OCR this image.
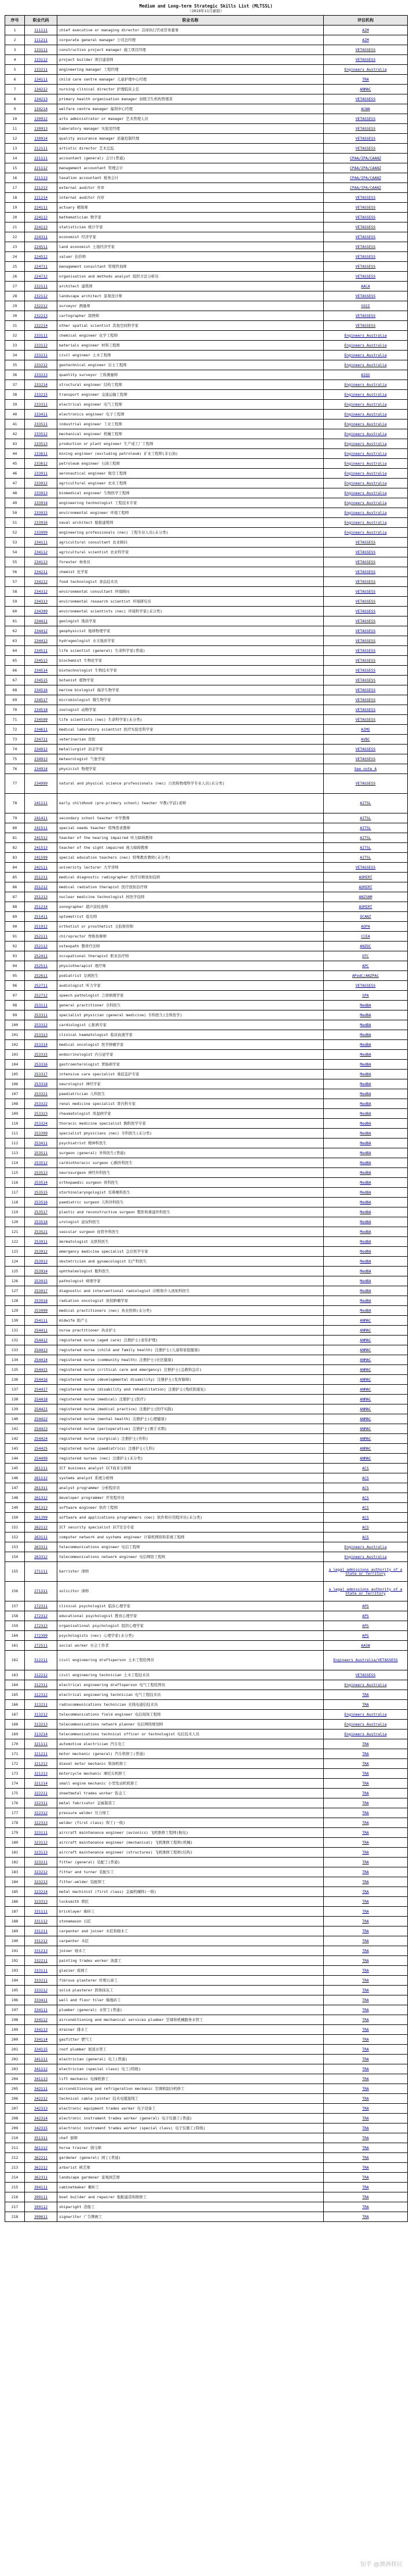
Medium and Long-term Strategic Skills List (MLTSSL)
（2019年11月新版）
序号	职业代码	职业名称	评估机构
1	111111	chief executive or managing director 首席执行官或常务董事	AIM
2	111211	corporate general manager 公司总经理	AIM
3	133111	construction project manager 施工项目经理	VETASSESS
4	133112	project builder 项目建造师	VETASSESS
5	133211	engineering manager 工程经理	Engineers Australia
6	134111	child care centre manager 儿童护理中心经理	TRA
7	134212	nursing clinical director 护理临床主任	ANMAC
8	134213	primary health organisation manager 初级卫生机构管理者	VETASSESS
9	134214	welfare centre manager 福利中心经理	ACWA
10	139912	arts administrator or manager 艺术管理人员	VETASSESS
11	139913	laboratory manager 实验室经理	VETASSESS
12	139914	quality assurance manager 质量控制经理	VETASSESS
13	212111	artistic director 艺术总监	VETASSESS
14	221111	accountant (general) 会计(普通)	CPAA/IPA/CAANZ
15	221112	management accountant 管理会计	CPAA/IPA/CAANZ
16	221113	taxation accountant 税务会计	CPAA/IPA/CAANZ
17	221213	external auditor 外审	CPAA/IPA/CAANZ
18	221214	internal auditor 内审	VETASSESS
19	224111	actuary 精算师	VETASSESS
20	224112	mathematician 数学家	VETASSESS
21	224113	statistician 统计学家	VETASSESS
22	224311	economist 经济学家	VETASSESS
23	224511	land economist 土地经济学家	VETASSESS
24	224512	valuer 估价师	VETASSESS
25	224711	management consultant 管理咨询师	VETASSESS
26	224712	organisation and methods analyst 组织方法分析员	VETASSESS
27	232111	architect 建筑师	AACA
28	232112	landscape architect 景观设计师	VETASSESS
29	232212	surveyor 测量师	SSSI
30	232213	cartographer 制图师	VETASSESS
31	232214	other spatial scientist 其他空间科学家	VETASSESS
32	233111	chemical engineer 化学工程师	Engineers Australia
33	233112	materials engineer 材料工程师	Engineers Australia
34	233211	civil engineer 土木工程师	Engineers Australia
35	233212	geotechnical engineer 岩土工程师	Engineers Australia
36	233213	quantity surveyor 工料测量师	AIQS
37	233214	structural engineer 结构工程师	Engineers Australia
38	233215	transport engineer 交通运输工程师	Engineers Australia
39	233311	electrical engineer 电气工程师	Engineers Australia
40	233411	electronics engineer 电子工程师	Engineers Australia
41	233511	industrial engineer 工业工程师	Engineers Australia
42	233512	mechanical engineer 机械工程师	Engineers Australia
43	233513	production or plant engineer 生产或工厂工程师	Engineers Australia
44	233611	mining engineer (excluding petroleum) 矿业工程师(非石油)	Engineers Australia
45	233612	petroleum engineer 石油工程师	Engineers Australia
46	233911	aeronautical engineer 航空工程师	Engineers Australia
47	233912	agricultural engineer 农业工程师	Engineers Australia
48	233913	biomedical engineer 生物医学工程师	Engineers Australia
49	233914	engineering technologist 工程技术专家	Engineers Australia
50	233915	environmental engineer 环境工程师	Engineers Australia
51	233916	naval architect 船舶建筑师	Engineers Australia
52	233999	engineering professionals (nec) 工程专业人员(未分类)	Engineers Australia
53	234111	agricultural consultant 农业顾问	VETASSESS
54	234112	agricultural scientist 农业科学家	VETASSESS
55	234113	forester 林务员	VETASSESS
56	234211	chemist 化学家	VETASSESS
57	234212	food technologist 食品技术员	VETASSESS
58	234312	environmental consultant 环境顾问	VETASSESS
59	234313	environmental research scientist 环境研究员	VETASSESS
60	234399	environmental scientists (nec) 环境科学家(未分类)	VETASSESS
61	234411	geologist 地质学家	VETASSESS
62	234412	geophysicist 地球物理学家	VETASSESS
63	234413	hydrogeologist 水文地质学家	VETASSESS
64	234511	life scientist (general) 生命科学家(普通)	VETASSESS
65	234513	biochemist 生物化学家	VETASSESS
66	234514	biotechnologist 生物技术学家	VETASSESS
67	234515	botanist 植物学家	VETASSESS
68	234516	marine biologist 海洋生物学家	VETASSESS
69	234517	microbiologist 微生物学家	VETASSESS
70	234518	zoologist 动物学家	VETASSESS
71	234599	life scientists (nec) 生命科学家(未分类)	VETASSESS
72	234611	medical laboratory scientist 医疗实验室科学家	AIMS
73	234711	veterinarian 兽医	AVBC
74	234912	metallurgist 冶金学家	VETASSESS
75	234913	meteorologist 气象学家	VETASSESS
76	234914	physicist 物理学家	See note A
77	234999	natural and physical science professionals (nec) 自然和物理科学专业人员(未分类)	VETASSESS
78	241111	early childhood (pre-primary school) teacher 早教(学前)老师	AITSL
79	241411	secondary school teacher 中学教师	AITSL
80	241511	special needs teacher 特殊需求教师	AITSL
81	241512	teacher of the hearing impaired 听力障碍教师	AITSL
82	241513	teacher of the sight impaired 视力障碍教师	AITSL
83	241599	special education teachers (nec) 特殊教育教师(未分类)	AITSL
84	242111	university lecturer 大学讲师	VETASSESS
85	251211	medical diagnostic radiographer 医疗诊断放射技师	ASMIRT
86	251212	medical radiation therapist 医疗放射治疗师	ASMIRT
87	251213	nuclear medicine technologist 核医学技师	ANZSNM
88	251214	sonographer 超声波检查师	ASMIRT
89	251411	optometrist 验光师	OCANZ
90	251912	orthotist or prosthetist 义肢矫形师	AOPA
91	252111	chiropractor 脊椎按摩师	CCEA
92	252112	osteopath 整骨疗法师	ANZOC
93	252411	occupational therapist 职业治疗师	OTC
94	252511	physiotherapist 理疗师	APC
95	252611	podiatrist 足病医生	APodC/ANZPAC
96	252711	audiologist 听力学家	VETASSESS
97	252712	speech pathologist 言语病理学家	SPA
98	253111	general practitioner 全科医生	MedBA
99	253311	specialist physician (general medicine) 专科医生(全科医学)	MedBA
100	253312	cardiologist 心脏病专家	MedBA
101	253313	clinical haematologist 临床血液学家	MedBA
102	253314	medical oncologist 医学肿瘤学家	MedBA
103	253315	endocrinologist 内分泌学家	MedBA
104	253316	gastroenterologist 胃肠病学家	MedBA
105	253317	intensive care specialist 重症监护专家	MedBA
106	253318	neurologist 神经学家	MedBA
107	253321	paediatrician 儿科医生	MedBA
108	253322	renal medicine specialist 肾内科专家	MedBA
109	253323	rheumatologist 风湿病学家	MedBA
110	253324	thoracic medicine specialist 胸科医学专家	MedBA
111	253399	specialist physicians (nec) 专科医生(未分类)	MedBA
112	253411	psychiatrist 精神科医生	MedBA
113	253511	surgeon (general) 外科医生(普通)	MedBA
114	253512	cardiothoracic surgeon 心胸外科医生	MedBA
115	253513	neurosurgeon 神经外科医生	MedBA
116	253514	orthopaedic surgeon 骨科医生	MedBA
117	253515	otorhinolaryngologist 耳鼻喉科医生	MedBA
118	253516	paediatric surgeon 儿科外科医生	MedBA
119	253517	plastic and reconstructive surgeon 整形和重建外科医生	MedBA
120	253518	urologist 泌尿科医生	MedBA
121	253521	vascular surgeon 血管外科医生	MedBA
122	253911	dermatologist 皮肤科医生	MedBA
123	253912	emergency medicine specialist 急诊医学专家	MedBA
124	253913	obstetrician and gynaecologist 妇产科医生	MedBA
125	253914	ophthalmologist 眼科医生	MedBA
126	253915	pathologist 病理学家	MedBA
127	253917	diagnostic and interventional radiologist 诊断和介入放射科医生	MedBA
128	253918	radiation oncologist 放射肿瘤学家	MedBA
129	253999	medical practitioners (nec) 执业医师(未分类)	MedBA
130	254111	midwife 助产士	ANMAC
131	254411	nurse practitioner 执业护士	ANMAC
132	254412	registered nurse (aged care) 注册护士(老年护理)	ANMAC
133	254413	registered nurse (child and family health) 注册护士(儿童和家庭健康)	ANMAC
134	254414	registered nurse (community health) 注册护士(社区健康)	ANMAC
135	254415	registered nurse (critical care and emergency) 注册护士(急救和急诊)	ANMAC
136	254416	registered nurse (developmental disability) 注册护士(发育障碍)	ANMAC
137	254417	registered nurse (disability and rehabilitation) 注册护士(残疾和康复)	ANMAC
138	254418	registered nurse (medical) 注册护士(医疗)	ANMAC
139	254421	registered nurse (medical practice) 注册护士(医疗实践)	ANMAC
140	254422	registered nurse (mental health) 注册护士(心理健康)	ANMAC
141	254423	registered nurse (perioperative) 注册护士(围手术期)	ANMAC
142	254424	registered nurse (surgical) 注册护士(外科)	ANMAC
143	254425	registered nurse (paediatrics) 注册护士(儿科)	ANMAC
144	254499	registered nurses (nec) 注册护士(未分类)	ANMAC
145	261111	ICT business analyst ICT商业分析师	ACS
146	261112	systems analyst 系统分析师	ACS
147	261311	analyst programmer 分析程序员	ACS
148	261312	developer programmer 开发程序员	ACS
149	261313	software engineer 软件工程师	ACS
150	261399	software and applications programmers (nec) 软件和应用程序员(未分类)	ACS
151	262112	ICT security specialist ICT安全专家	ACS
152	263111	computer network and systems engineer 计算机网络和系统工程师	ACS
153	263311	telecommunications engineer 电信工程师	Engineers Australia
154	263312	telecommunications network engineer 电信网络工程师	Engineers Australia
155	271111	barrister 律师	a legal admissions authority of a State or Territory
156	271311	solicitor 律师	a legal admissions authority of a State or Territory
157	272311	clinical psychologist 临床心理学家	APS
158	272312	educational psychologist 教育心理学家	APS
159	272313	organisational psychologist 组织心理学家	APS
160	272399	psychologists (nec) 心理学家(未分类)	APS
161	272511	social worker 社会工作者	AASW
162	312211	civil engineering draftsperson 土木工程绘图员	Engineers Australia/VETASSESS
163	312212	civil engineering technician 土木工程技术员	VETASSESS
164	312311	electrical engineering draftsperson 电气工程绘图员	Engineers Australia
165	312312	electrical engineering technician 电气工程技术员	TRA
166	313211	radiocommunications technician 无线电通信技术员	TRA
167	313212	telecommunications field engineer 电信现场工程师	Engineers Australia
168	313213	telecommunications network planner 电信网络规划师	Engineers Australia
169	313214	telecommunications technical officer or technologist 电信技术人员	Engineers Australia
170	321111	automotive electrician 汽车电工	TRA
171	321211	motor mechanic (general) 汽车机修工(普通)	TRA
172	321212	diesel motor mechanic 柴油机修工	TRA
173	321213	motorcycle mechanic 摩托车机修工	TRA
174	321214	small engine mechanic 小型发动机机修工	TRA
175	322211	sheetmetal trades worker 钣金工	TRA
176	322311	metal fabricator 金属制造工	TRA
177	322312	pressure welder 压力焊工	TRA
178	322313	welder (first class) 焊工(一级)	TRA
179	323111	aircraft maintenance engineer (avionics) 飞机维修工程师(航电)	TRA
180	323112	aircraft maintenance engineer (mechanical) 飞机维修工程师(机械)	TRA
181	323113	aircraft maintenance engineer (structures) 飞机维修工程师(结构)	TRA
182	323211	fitter (general) 装配工(普通)	TRA
183	323212	fitter and turner 装配车工	TRA
184	323213	fitter-welder 装配焊工	TRA
185	323214	metal machinist (first class) 金属机械师(一级)	TRA
186	323313	locksmith 锁匠	TRA
187	331111	bricklayer 砌砖工	TRA
188	331112	stonemason 石匠	TRA
189	331211	carpenter and joiner 木匠和细木工	TRA
190	331212	carpenter 木匠	TRA
191	331213	joiner 细木工	TRA
192	332211	painting trades worker 油漆工	TRA
193	333111	glazier 玻璃工	TRA
194	333211	fibrous plasterer 纤维石膏工	TRA
195	333212	solid plasterer 固体抹灰工	TRA
196	333411	wall and floor tiler 墙地砖工	TRA
197	334111	plumber (general) 水管工(普通)	TRA
198	334112	airconditioning and mechanical services plumber 空调和机械服务水管工	TRA
199	334113	drainer 排水工	TRA
200	334114	gasfitter 燃气工	TRA
201	334115	roof plumber 屋顶水管工	TRA
202	341111	electrician (general) 电工(普通)	TRA
203	341112	electrician (special class) 电工(特级)	TRA
204	341113	lift mechanic 电梯机修工	TRA
205	342111	airconditioning and refrigeration mechanic 空调和制冷机修工	TRA
206	342212	technical cable jointer 技术电缆接线工	TRA
207	342313	electronic equipment trades worker 电子设备工	TRA
208	342314	electronic instrument trades worker (general) 电子仪器工(普通)	TRA
209	342315	electronic instrument trades worker (special class) 电子仪器工(特级)	TRA
210	351311	chef 厨师	TRA
211	361112	horse trainer 驯马师	TRA
212	362211	gardener (general) 园丁(普通)	TRA
213	362212	arborist 树艺师	TRA
214	362311	landscape gardener 景观园艺师	TRA
215	394111	cabinetmaker 橱柜工	TRA
216	399111	boat builder and repairer 船舶建造和维修工	TRA
217	399112	shipwright 造船工	TRA
218	399611	signwriter 广告牌画工	TRA
知乎 @澳洲移民
